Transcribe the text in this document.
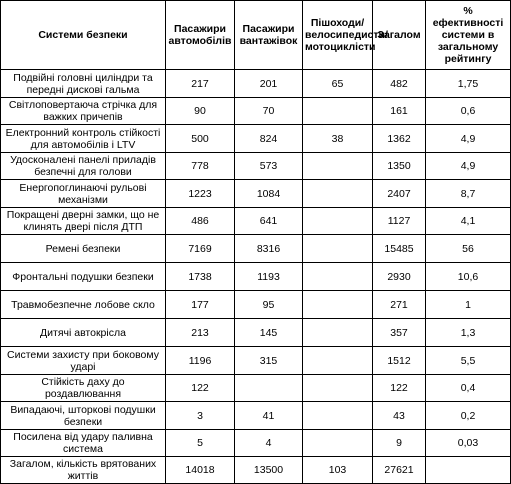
Системи безпеки	Пасажири автомобілів	Пасажири вантажівок	Пішоходи/велосипедисти/мотоциклісти	Загалом	% ефективності системи в загальному рейтингу
Подвійні головні циліндри та передні дискові гальма	217	201	65	482	1,75
Світлоповертаюча стрічка для важких причепів	90	70		161	0,6
Електронний контроль стійкості для автомобілів і LTV	500	824	38	1362	4,9
Удосконалені панелі приладів безпечні для голови	778	573		1350	4,9
Енергопоглинаючі рульові механізми	1223	1084		2407	8,7
Покращені дверні замки, що не клинять двері після ДТП	486	641		1127	4,1
Ремені безпеки	7169	8316		15485	56
Фронтальні подушки безпеки	1738	1193		2930	10,6
Травмобезпечне лобове скло	177	95		271	1
Дитячі автокрісла	213	145		357	1,3
Системи захисту при боковому ударі	1196	315		1512	5,5
Стійкість даху до роздавлювання	122			122	0,4
Випадаючі, шторкові подушки безпеки	3	41		43	0,2
Посилена від удару паливна система	5	4		9	0,03
Загалом, кількість врятованих життів	14018	13500	103	27621	
